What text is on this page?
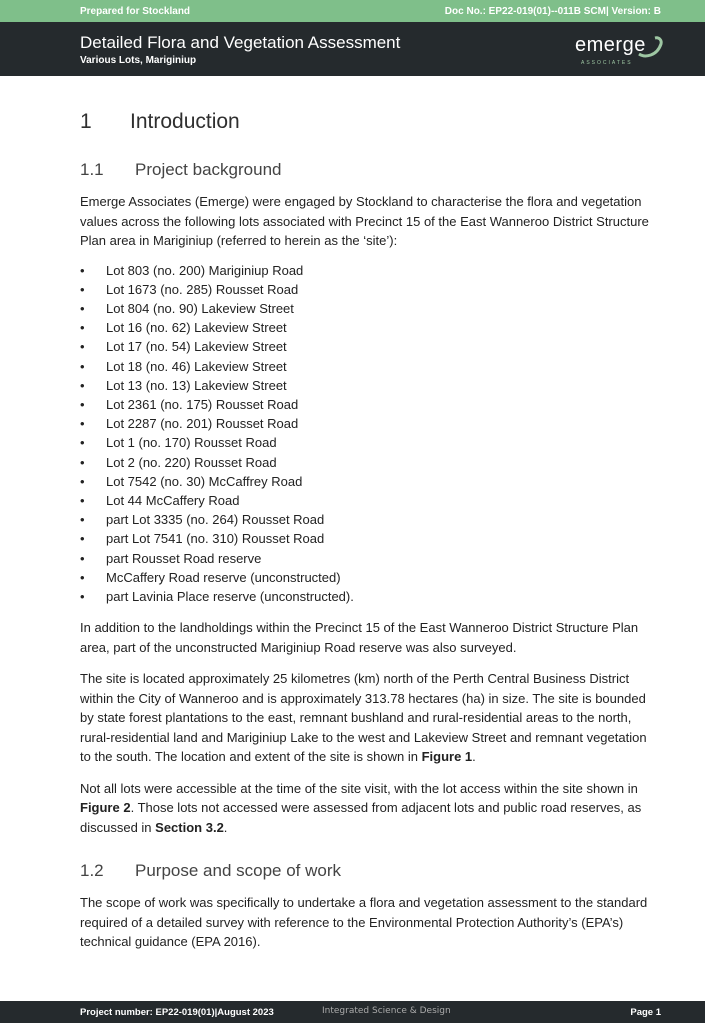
Prepared for Stockland	Doc No.: EP22-019(01)--011B SCM| Version: B
Detailed Flora and Vegetation Assessment
Various Lots, Mariginiup
emerge
ASSOCIATES
1	Introduction
1.1	Project background

Emerge Associates (Emerge) were engaged by Stockland to characterise the flora and vegetation values across the following lots associated with Precinct 15 of the East Wanneroo District Structure Plan area in Mariginiup (referred to herein as the ‘site’):

• Lot 803 (no. 200) Mariginiup Road
• Lot 1673 (no. 285) Rousset Road
• Lot 804 (no. 90) Lakeview Street
• Lot 16 (no. 62) Lakeview Street
• Lot 17 (no. 54) Lakeview Street
• Lot 18 (no. 46) Lakeview Street
• Lot 13 (no. 13) Lakeview Street
• Lot 2361 (no. 175) Rousset Road
• Lot 2287 (no. 201) Rousset Road
• Lot 1 (no. 170) Rousset Road
• Lot 2 (no. 220) Rousset Road
• Lot 7542 (no. 30) McCaffrey Road
• Lot 44 McCaffery Road
• part Lot 3335 (no. 264) Rousset Road
• part Lot 7541 (no. 310) Rousset Road
• part Rousset Road reserve
• McCaffery Road reserve (unconstructed)
• part Lavinia Place reserve (unconstructed).

In addition to the landholdings within the Precinct 15 of the East Wanneroo District Structure Plan area, part of the unconstructed Mariginiup Road reserve was also surveyed.

The site is located approximately 25 kilometres (km) north of the Perth Central Business District within the City of Wanneroo and is approximately 313.78 hectares (ha) in size. The site is bounded by state forest plantations to the east, remnant bushland and rural-residential areas to the north, rural-residential land and Mariginiup Lake to the west and Lakeview Street and remnant vegetation to the south. The location and extent of the site is shown in Figure 1.

Not all lots were accessible at the time of the site visit, with the lot access within the site shown in Figure 2. Those lots not accessed were assessed from adjacent lots and public road reserves, as discussed in Section 3.2.

1.2	Purpose and scope of work

The scope of work was specifically to undertake a flora and vegetation assessment to the standard required of a detailed survey with reference to the Environmental Protection Authority’s (EPA’s) technical guidance (EPA 2016).

Project number: EP22-019(01)|August 2023	Integrated Science & Design	Page 1
